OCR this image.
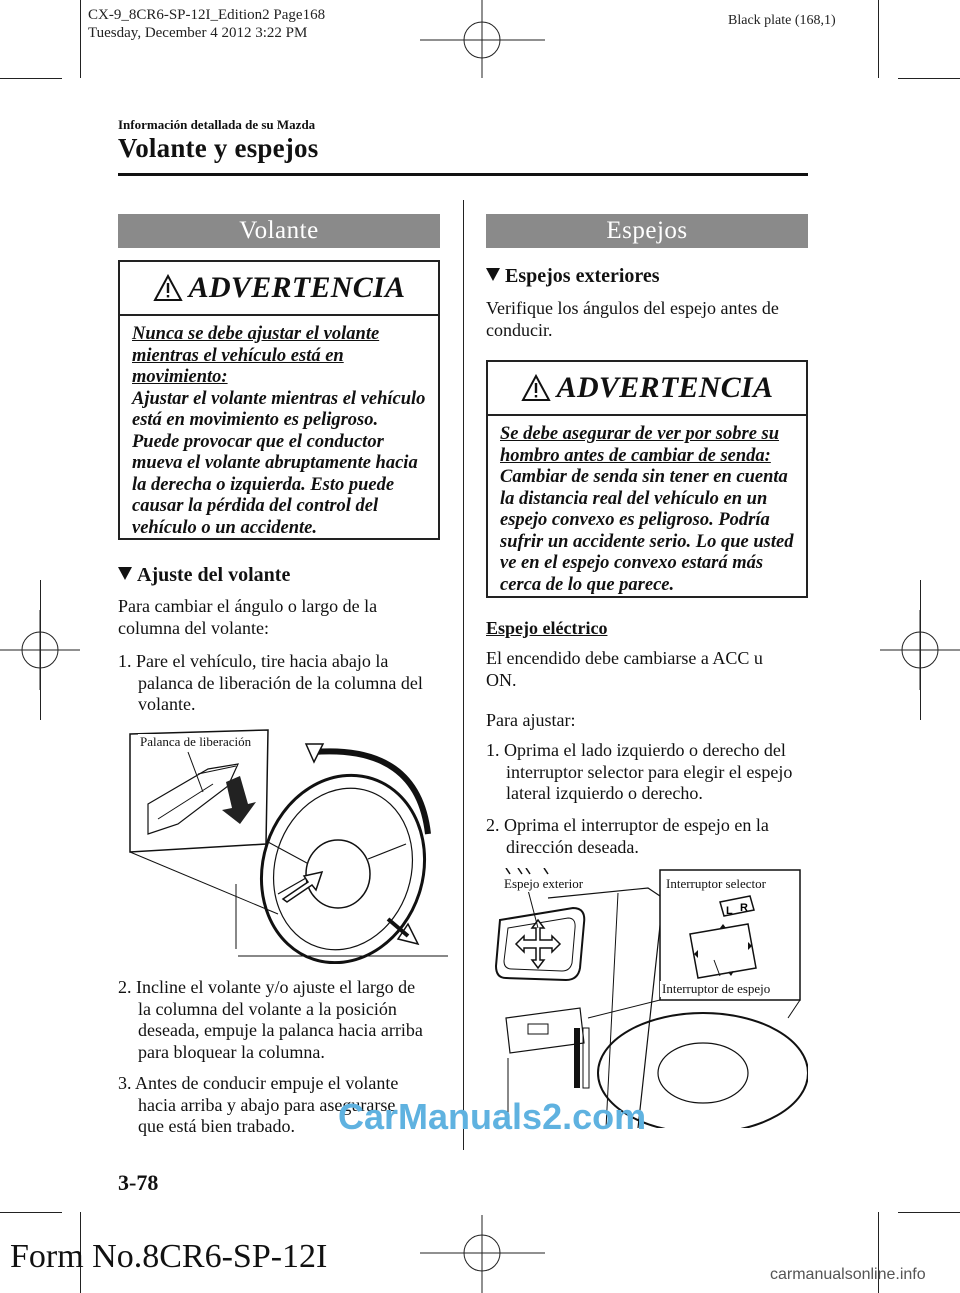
CX-9_8CR6-SP-12I_Edition2 Page168
Tuesday, December 4 2012 3:22 PM
Black plate (168,1)
Información detallada de su Mazda
Volante y espejos
Volante
ADVERTENCIA
Nunca se debe ajustar el volante
mientras el vehículo está en
movimiento:
Ajustar el volante mientras el vehículo
está en movimiento es peligroso.
Puede provocar que el conductor
mueva el volante abruptamente hacia
la derecha o izquierda. Esto puede
causar la pérdida del control del
vehículo o un accidente.
Ajuste del volante
Para cambiar el ángulo o largo de la
columna del volante:
1. Pare el vehículo, tire hacia abajo la
palanca de liberación de la columna del
volante.
Palanca de liberación
2. Incline el volante y/o ajuste el largo de
la columna del volante a la posición
deseada, empuje la palanca hacia arriba
para bloquear la columna.
3. Antes de conducir empuje el volante
hacia arriba y abajo para asegurarse
que está bien trabado.
Espejos
Espejos exteriores
Verifique los ángulos del espejo antes de
conducir.
ADVERTENCIA
Se debe asegurar de ver por sobre su
hombro antes de cambiar de senda:
Cambiar de senda sin tener en cuenta
la distancia real del vehículo en un
espejo convexo es peligroso. Podría
sufrir un accidente serio. Lo que usted
ve en el espejo convexo estará más
cerca de lo que parece.
Espejo eléctrico
El encendido debe cambiarse a ACC u
ON.
Para ajustar:
1. Oprima el lado izquierdo o derecho del
interruptor selector para elegir el espejo
lateral izquierdo o derecho.
2. Oprima el interruptor de espejo en la
dirección deseada.
L R
Espejo exterior	Interruptor selector
Interruptor de espejo
3-78
Form No.8CR6-SP-12I
CarManuals2.com
carmanualsonline.info
